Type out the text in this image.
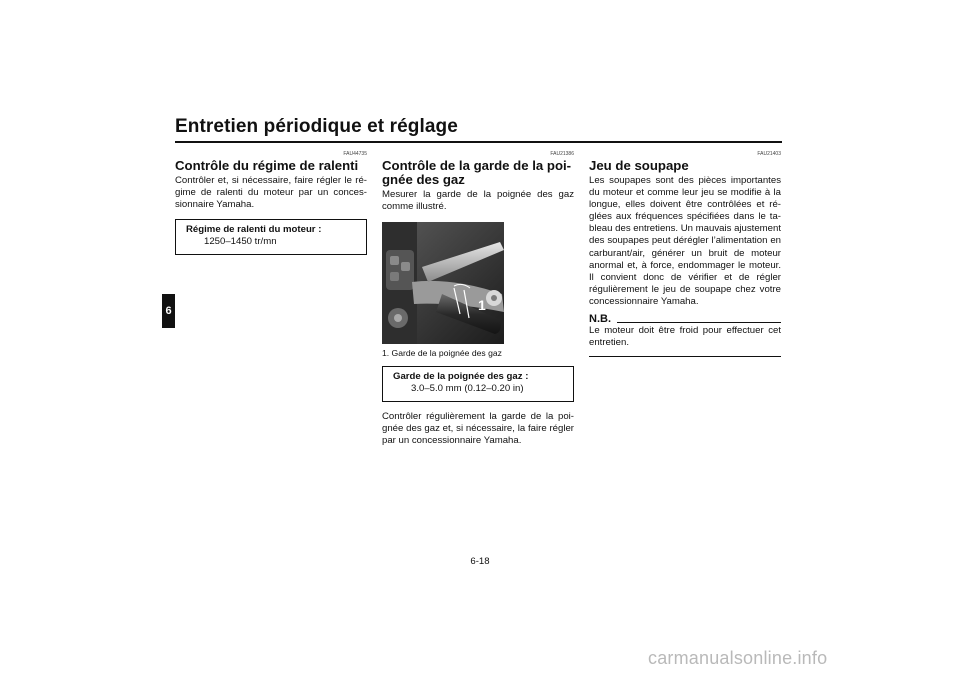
Entretien périodique et réglage
6
FAU44735
Contrôle du régime de ralenti

Contrôler et, si nécessaire, faire régler le régime de ralenti du moteur par un concessionnaire Yamaha.

Régime de ralenti du moteur :
1250–1450 tr/mn
FAU21386
Contrôle de la garde de la poi-
gnée des gaz

Mesurer la garde de la poignée des gaz comme illustré.

1
1. Garde de la poignée des gaz
Garde de la poignée des gaz :
3.0–5.0 mm (0.12–0.20 in)

Contrôler régulièrement la garde de la poignée des gaz et, si nécessaire, la faire régler par un concessionnaire Yamaha.

FAU21403
Jeu de soupape

Les soupapes sont des pièces importantes du moteur et comme leur jeu se modifie à la longue, elles doivent être contrôlées et réglées aux fréquences spécifiées dans le tableau des entretiens. Un mauvais ajustement des soupapes peut dérégler l’alimentation en carburant/air, générer un bruit de moteur anormal et, à force, endommager le moteur. Il convient donc de vérifier et de régler régulièrement le jeu de soupape chez votre concessionnaire Yamaha.

N.B.

Le moteur doit être froid pour effectuer cet entretien.

6-18
carmanualsonline.info
